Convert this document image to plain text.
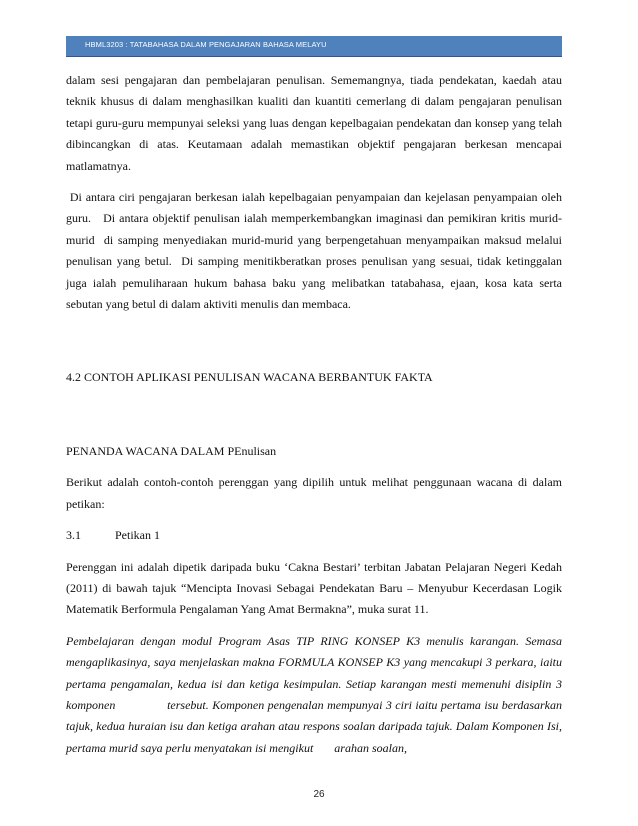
HBML3203 : TATABAHASA DALAM PENGAJARAN BAHASA MELAYU

dalam sesi pengajaran dan pembelajaran penulisan. Sememangnya, tiada pendekatan, kaedah atau teknik khusus di dalam menghasilkan kualiti dan kuantiti cemerlang di dalam pengajaran penulisan tetapi guru-guru mempunyai seleksi yang luas dengan kepelbagaian pendekatan dan konsep yang telah dibincangkan di atas. Keutamaan adalah memastikan objektif pengajaran berkesan mencapai matlamatnya.

Di antara ciri pengajaran berkesan ialah kepelbagaian penyampaian dan kejelasan penyampaian oleh guru.   Di antara objektif penulisan ialah memperkembangkan imaginasi dan pemikiran kritis murid-murid  di samping menyediakan murid-murid yang berpengetahuan menyampaikan maksud melalui penulisan yang betul.  Di samping menitikberatkan proses penulisan yang sesuai, tidak ketinggalan juga ialah pemuliharaan hukum bahasa baku yang melibatkan tatabahasa, ejaan, kosa kata serta sebutan yang betul di dalam aktiviti menulis dan membaca.

4.2 CONTOH APLIKASI PENULISAN WACANA BERBANTUK FAKTA
PENANDA WACANA DALAM PEnulisan

Berikut adalah contoh-contoh perenggan yang dipilih untuk melihat penggunaan wacana di dalam petikan:

3.1	Petikan 1

Perenggan ini adalah dipetik daripada buku ‘Cakna Bestari’ terbitan Jabatan Pelajaran Negeri Kedah (2011) di bawah tajuk “Mencipta Inovasi Sebagai Pendekatan Baru – Menyubur Kecerdasan Logik Matematik Berformula Pengalaman Yang Amat Bermakna”, muka surat 11.

Pembelajaran dengan modul Program Asas TIP RING KONSEP K3 menulis karangan. Semasa mengaplikasinya, saya menjelaskan makna FORMULA KONSEP K3 yang mencakupi 3 perkara, iaitu pertama pengamalan, kedua isi dan ketiga kesimpulan. Setiap karangan mesti memenuhi disiplin 3 komponen               tersebut. Komponen pengenalan mempunyai 3 ciri iaitu pertama isu berdasarkan    tajuk, kedua huraian isu dan ketiga arahan atau respons soalan daripada tajuk. Dalam Komponen Isi, pertama murid saya perlu menyatakan isi mengikut       arahan soalan,

26
